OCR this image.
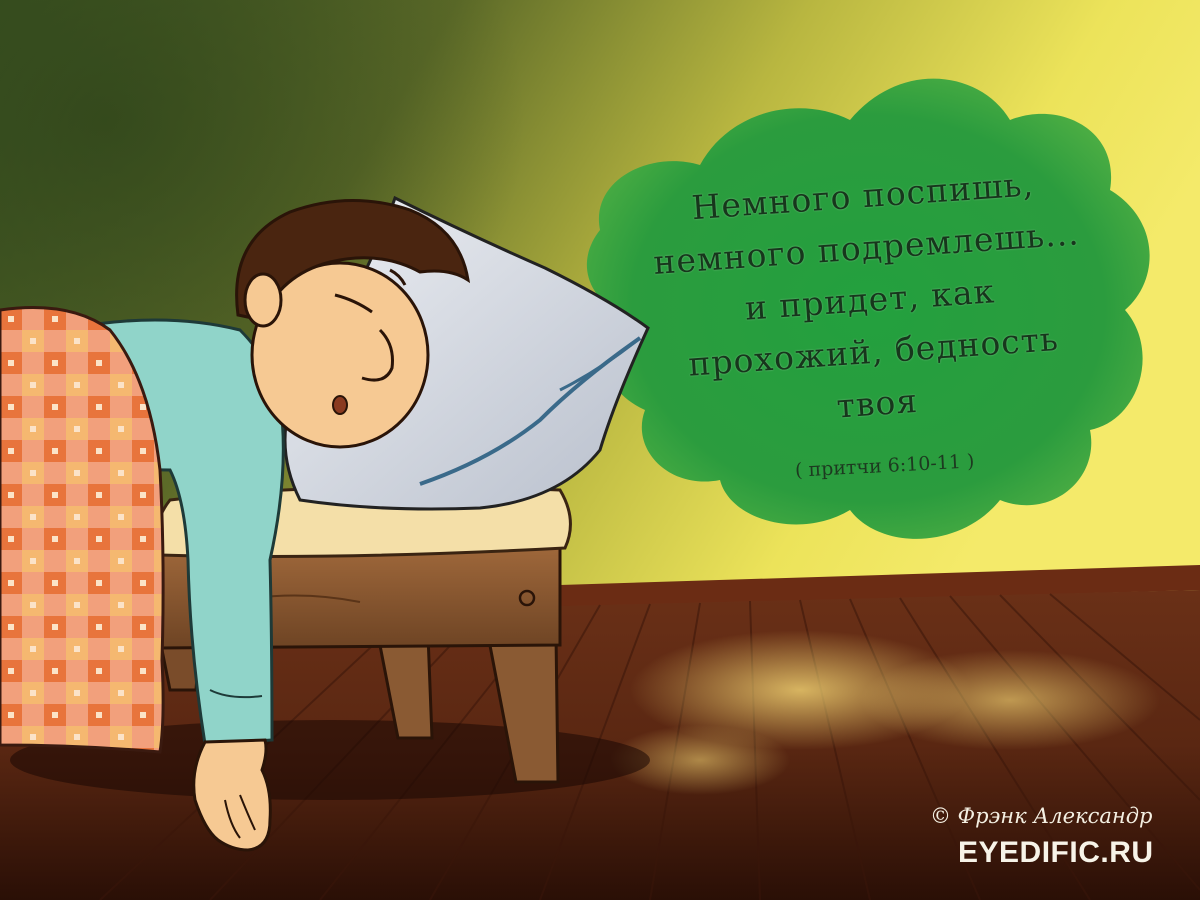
Немного поспишь,
немного подремлешь...
и придет, как
прохожий, бедность
твоя
( притчи 6:10-11 )
© Фрэнк Александр
EYEDIFIC.RU
